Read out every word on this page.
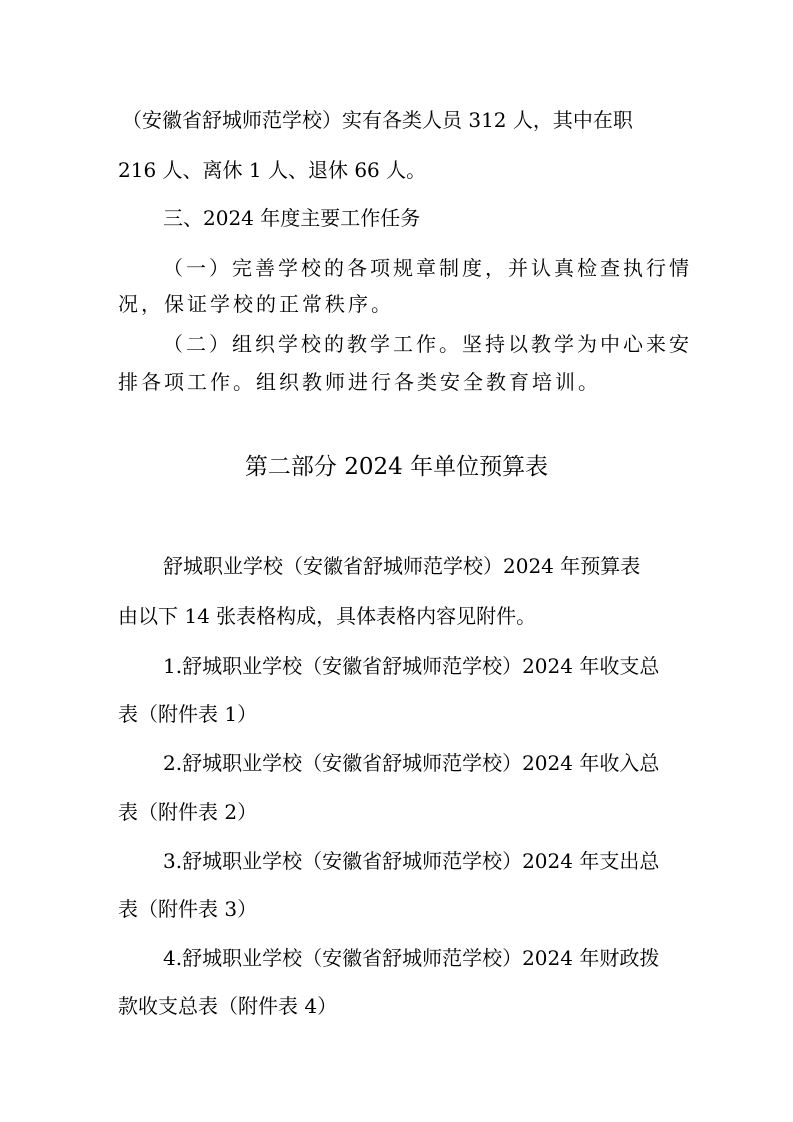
（安徽省舒城师范学校）实有各类人员 312 人，其中在职
216 人、离休 1 人、退休 66 人。
三、2024 年度主要工作任务
（一）完善学校的各项规章制度，并认真检查执行情
况，保证学校的正常秩序。
（二）组织学校的教学工作。坚持以教学为中心来安
排各项工作。组织教师进行各类安全教育培训。
第二部分 2024 年单位预算表
舒城职业学校（安徽省舒城师范学校）2024 年预算表
由以下 14 张表格构成，具体表格内容见附件。
1.舒城职业学校（安徽省舒城师范学校）2024 年收支总
表（附件表 1）
2.舒城职业学校（安徽省舒城师范学校）2024 年收入总
表（附件表 2）
3.舒城职业学校（安徽省舒城师范学校）2024 年支出总
表（附件表 3）
4.舒城职业学校（安徽省舒城师范学校）2024 年财政拨
款收支总表（附件表 4）
